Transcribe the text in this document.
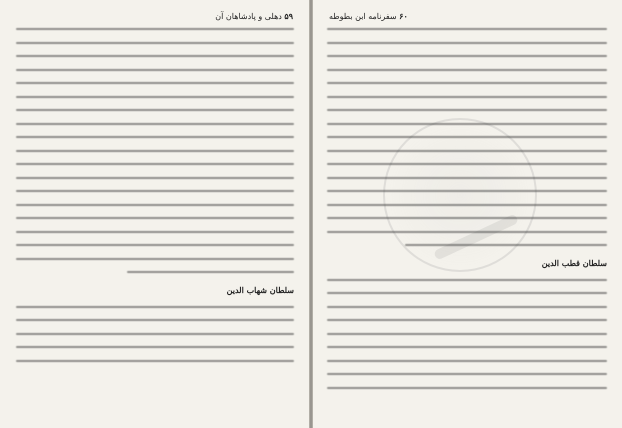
۵۹ دهلی و پادشاهان آن
سلطان شهاب الدین
۶۰ سفرنامه ابن بطوطه
سلطان قطب الدین
